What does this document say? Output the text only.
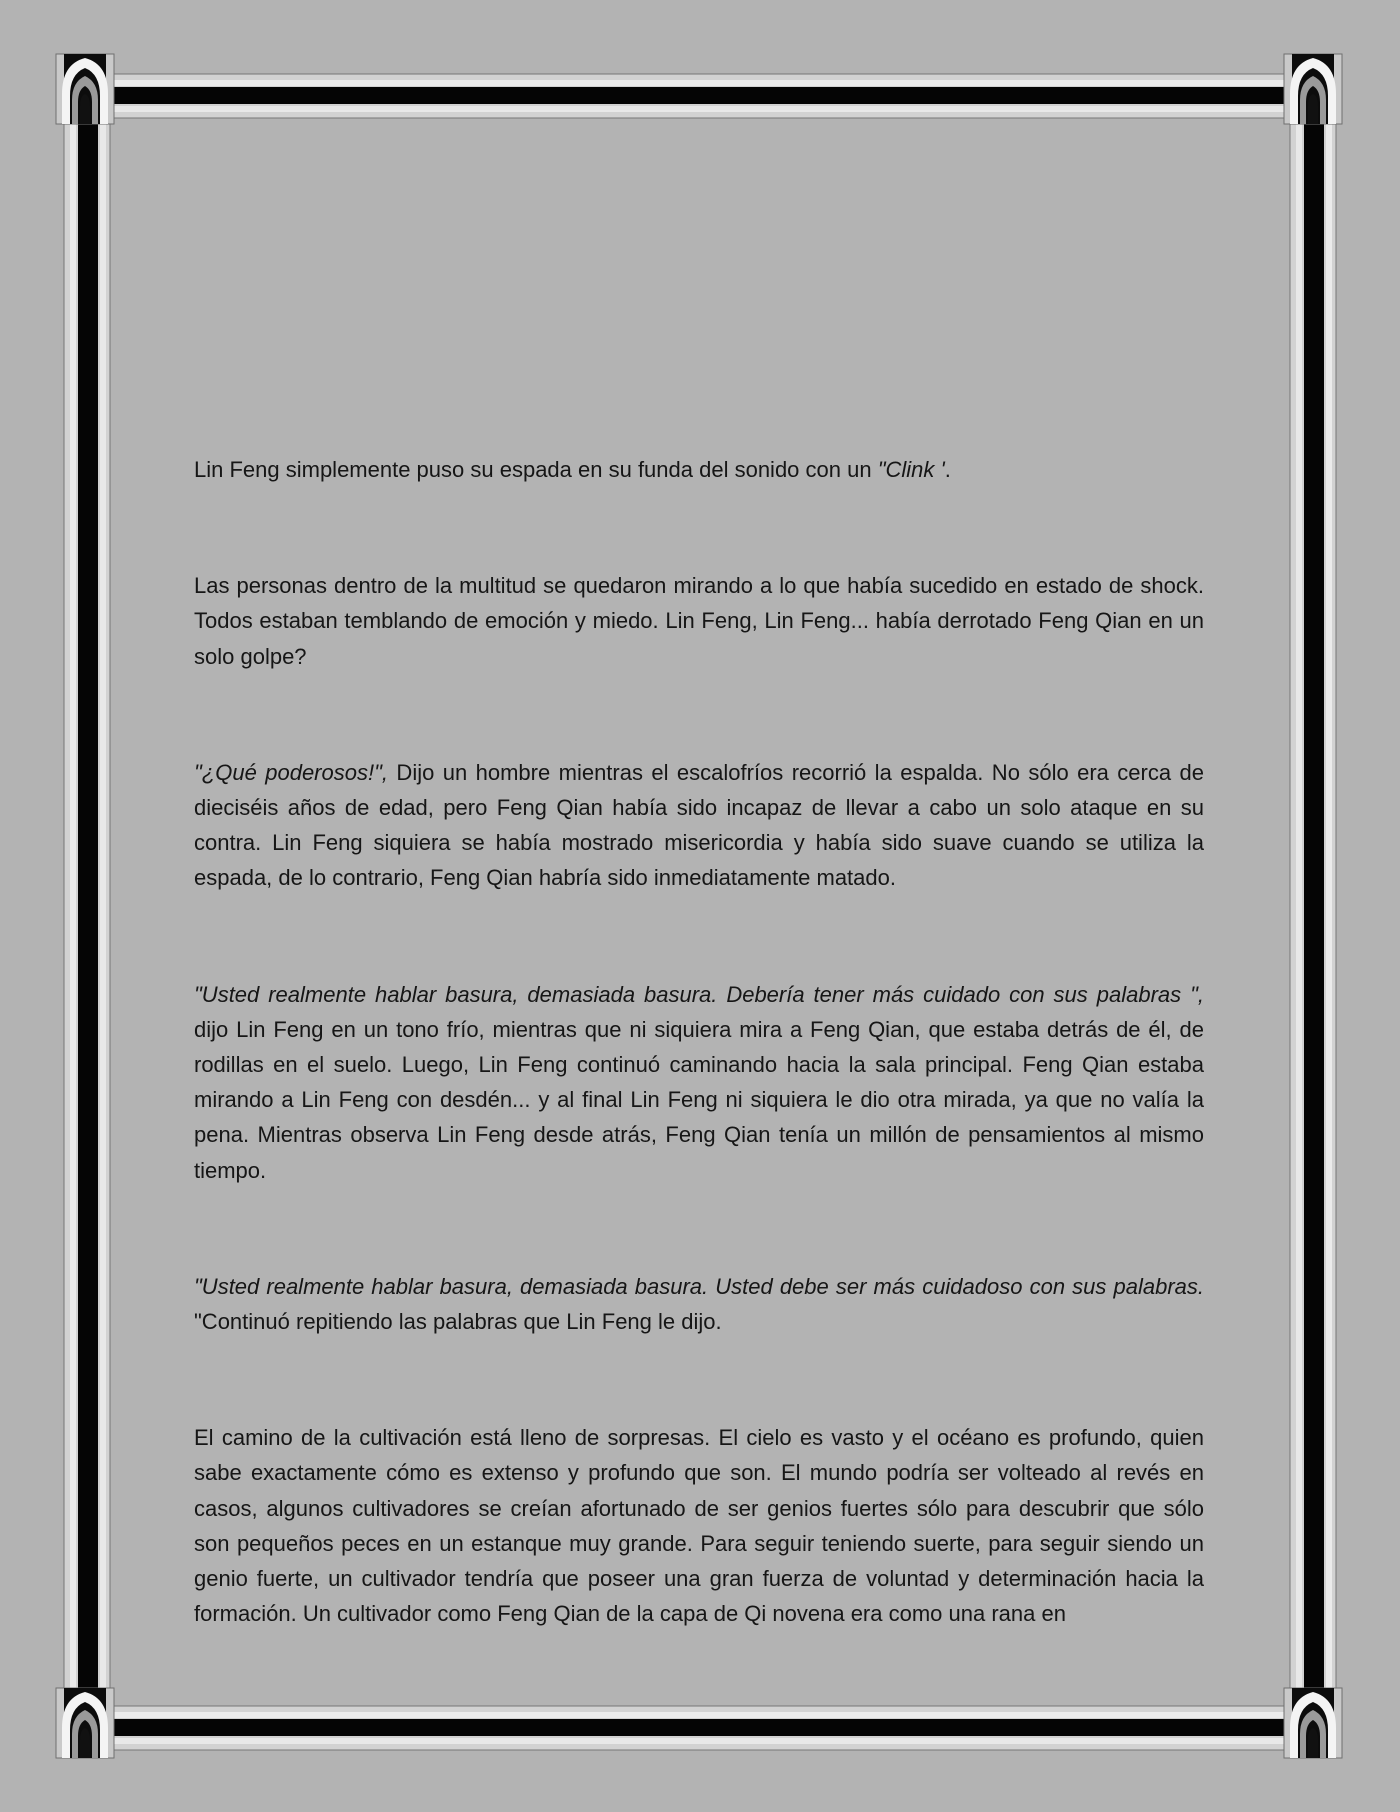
Lin Feng simplemente puso su espada en su funda del sonido con un "Clink '.

Las personas dentro de la multitud se quedaron mirando a lo que había sucedido en estado de shock. Todos estaban temblando de emoción y miedo. Lin Feng, Lin Feng... había derrotado Feng Qian en un solo golpe?

"¿Qué poderosos!", Dijo un hombre mientras el escalofríos recorrió la espalda. No sólo era cerca de dieciséis años de edad, pero Feng Qian había sido incapaz de llevar a cabo un solo ataque en su contra. Lin Feng siquiera se había mostrado misericordia y había sido suave cuando se utiliza la espada, de lo contrario, Feng Qian habría sido inmediatamente matado.

"Usted realmente hablar basura, demasiada basura. Debería tener más cuidado con sus palabras ", dijo Lin Feng en un tono frío, mientras que ni siquiera mira a Feng Qian, que estaba detrás de él, de rodillas en el suelo. Luego, Lin Feng continuó caminando hacia la sala principal. Feng Qian estaba mirando a Lin Feng con desdén... y al final Lin Feng ni siquiera le dio otra mirada, ya que no valía la pena. Mientras observa Lin Feng desde atrás, Feng Qian tenía un millón de pensamientos al mismo tiempo.

"Usted realmente hablar basura, demasiada basura. Usted debe ser más cuidadoso con sus palabras. "Continuó repitiendo las palabras que Lin Feng le dijo.

El camino de la cultivación está lleno de sorpresas. El cielo es vasto y el océano es profundo, quien sabe exactamente cómo es extenso y profundo que son. El mundo podría ser volteado al revés en casos, algunos cultivadores se creían afortunado de ser genios fuertes sólo para descubrir que sólo son pequeños peces en un estanque muy grande. Para seguir teniendo suerte, para seguir siendo un genio fuerte, un cultivador tendría que poseer una gran fuerza de voluntad y determinación hacia la formación. Un cultivador como Feng Qian de la capa de Qi novena era como una rana en
